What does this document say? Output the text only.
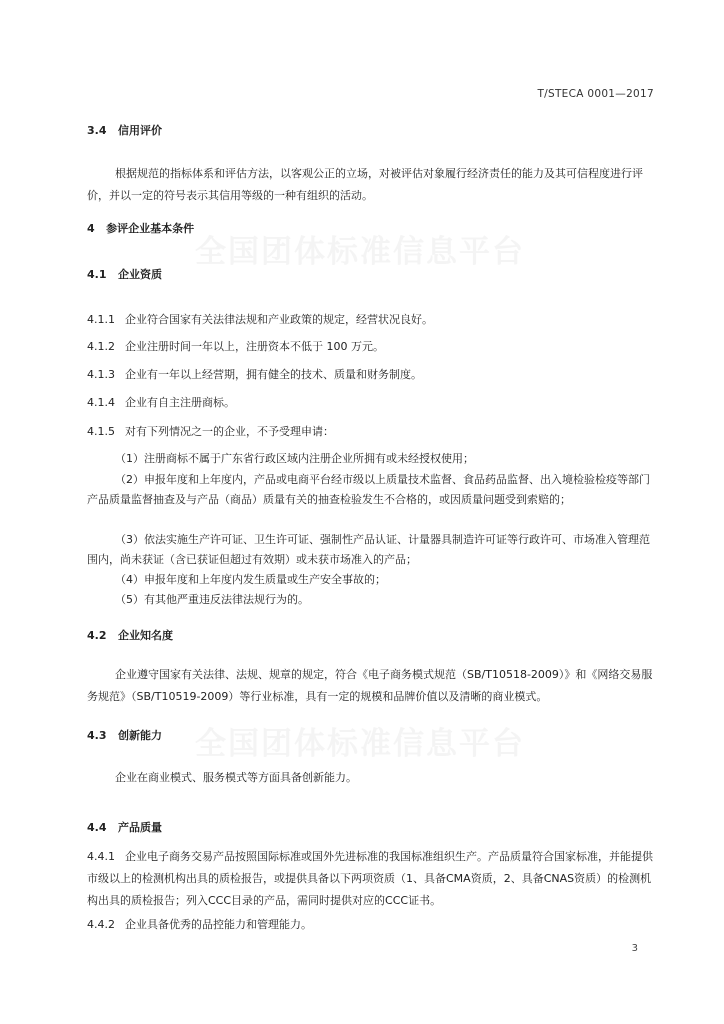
T/STECA 0001—2017
全国团体标准信息平台
全国团体标准信息平台
3.4 信用评价
根据规范的指标体系和评估方法，以客观公正的立场，对被评估对象履行经济责任的能力及其可信程度进行评价，并以一定的符号表示其信用等级的一种有组织的活动。
4 参评企业基本条件
4.1 企业资质
4.1.1 企业符合国家有关法律法规和产业政策的规定，经营状况良好。
4.1.2 企业注册时间一年以上，注册资本不低于 100 万元。
4.1.3 企业有一年以上经营期，拥有健全的技术、质量和财务制度。
4.1.4 企业有自主注册商标。
4.1.5 对有下列情况之一的企业，不予受理申请：
（1）注册商标不属于广东省行政区域内注册企业所拥有或未经授权使用；
（2）申报年度和上年度内，产品或电商平台经市级以上质量技术监督、食品药品监督、出入境检验检疫等部门产品质量监督抽查及与产品（商品）质量有关的抽查检验发生不合格的，或因质量问题受到索赔的；
（3）依法实施生产许可证、卫生许可证、强制性产品认证、计量器具制造许可证等行政许可、市场准入管理范围内，尚未获证（含已获证但超过有效期）或未获市场准入的产品；
（4）申报年度和上年度内发生质量或生产安全事故的；
（5）有其他严重违反法律法规行为的。
4.2 企业知名度
企业遵守国家有关法律、法规、规章的规定，符合《电子商务模式规范（SB/T10518-2009）》和《网络交易服务规范》（SB/T10519-2009）等行业标准，具有一定的规模和品牌价值以及清晰的商业模式。
4.3 创新能力
企业在商业模式、服务模式等方面具备创新能力。
4.4 产品质量
4.4.1 企业电子商务交易产品按照国际标准或国外先进标准的我国标准组织生产。产品质量符合国家标准，并能提供市级以上的检测机构出具的质检报告，或提供具备以下两项资质（1、具备CMA资质，2、具备CNAS资质）的检测机构出具的质检报告；列入CCC目录的产品，需同时提供对应的CCC证书。
4.4.2 企业具备优秀的品控能力和管理能力。
3
